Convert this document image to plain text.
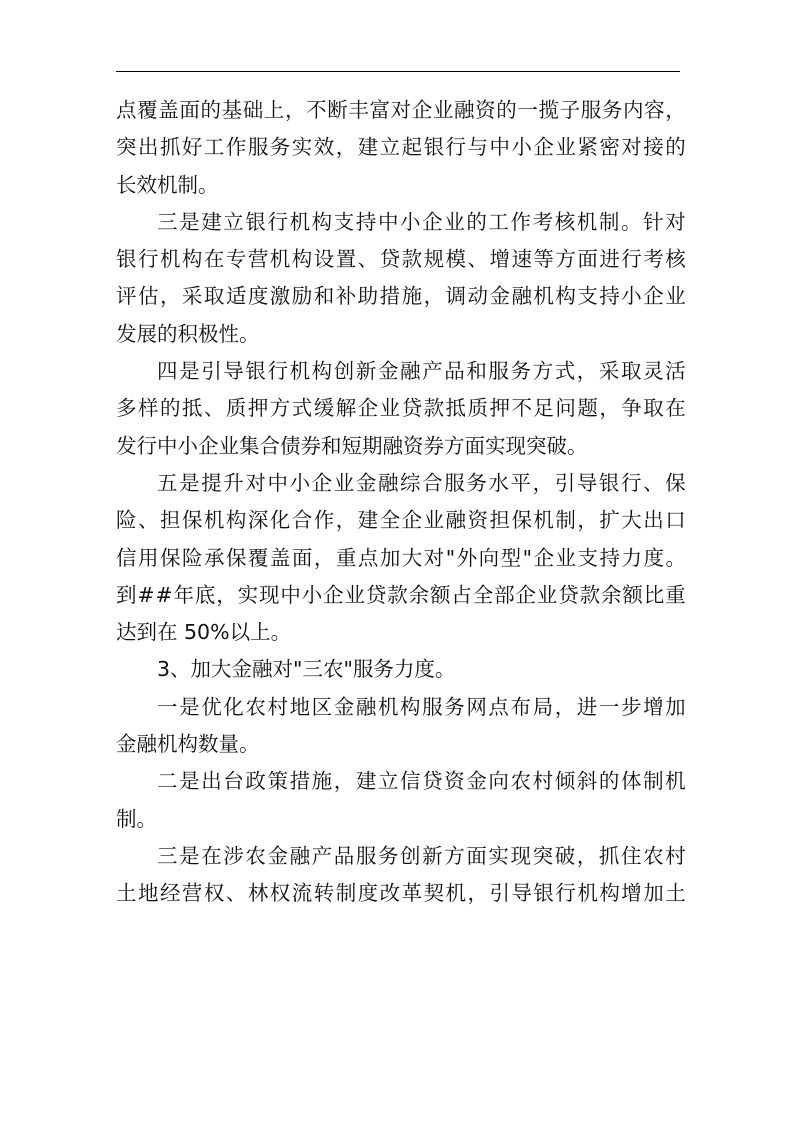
点 覆 盖 面 的 基 础 上 ， 不 断 丰 富 对 企 业 融 资 的 一 揽 子 服 务 内 容 ，
突 出 抓 好 工 作 服 务 实 效 ， 建 立 起 银 行 与 中 小 企 业 紧 密 对 接 的
长效机制。
三 是 建 立 银 行 机 构 支 持 中 小 企 业 的 工 作 考 核 机 制 。 针 对
银 行 机 构 在 专 营 机 构 设 置 、 贷 款 规 模 、 增 速 等 方 面 进 行 考 核
评 估 ， 采 取 适 度 激 励 和 补 助 措 施 ， 调 动 金 融 机 构 支 持 小 企 业
发展的积极性。
四 是 引 导 银 行 机 构 创 新 金 融 产 品 和 服 务 方 式 ， 采 取 灵 活
多 样 的 抵 、 质 押 方 式 缓 解 企 业 贷 款 抵 质 押 不 足 问 题 ， 争 取 在
发行中小企业集合债券和短期融资券方面实现突破。
五 是 提 升 对 中 小 企 业 金 融 综 合 服 务 水 平 ， 引 导 银 行 、 保
险 、 担 保 机 构 深 化 合 作 ， 建 全 企 业 融 资 担 保 机 制 ， 扩 大 出 口
信 用 保 险 承 保 覆 盖 面 ， 重 点 加 大 对 " 外 向 型 " 企 业 支 持 力 度 。
到 # # 年 底 ， 实 现 中 小 企 业 贷 款 余 额 占 全 部 企 业 贷 款 余 额 比 重
达到在 50%以上。
3、加大金融对"三农"服务力度。
一 是 优 化 农 村 地 区 金 融 机 构 服 务 网 点 布 局 ， 进 一 步 增 加
金融机构数量。
二 是 出 台 政 策 措 施 ， 建 立 信 贷 资 金 向 农 村 倾 斜 的 体 制 机
制。
三 是 在 涉 农 金 融 产 品 服 务 创 新 方 面 实 现 突 破 ， 抓 住 农 村
土 地 经 营 权 、 林 权 流 转 制 度 改 革 契 机 ， 引 导 银 行 机 构 增 加 土
